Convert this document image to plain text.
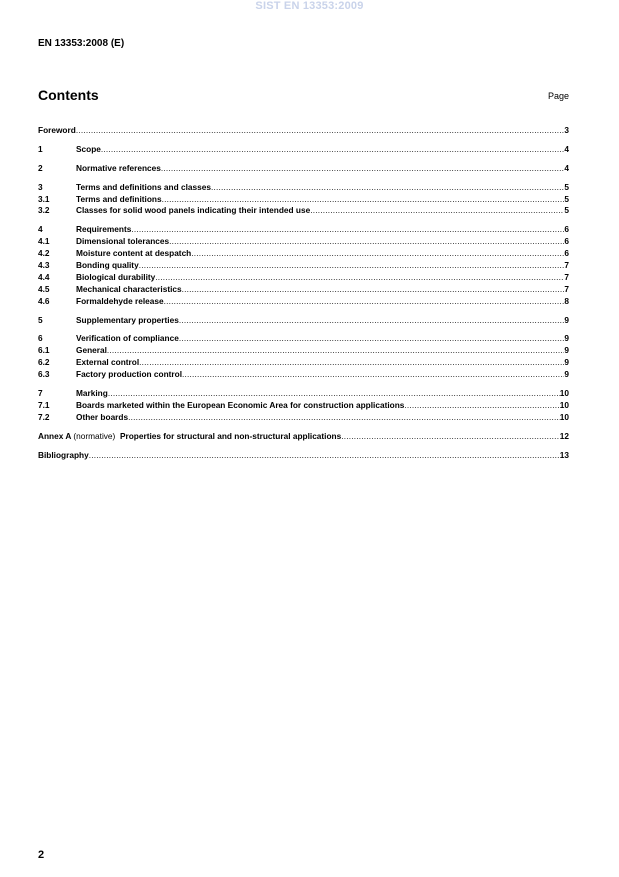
SIST EN 13353:2009
EN 13353:2008 (E)
Contents	Page
Foreword .....	3
1	Scope .....	4
2	Normative references .....	4
3	Terms and definitions and classes .....	5
3.1	Terms and definitions .....	5
3.2	Classes for solid wood panels indicating their intended use .....	5
4	Requirements .....	6
4.1	Dimensional tolerances .....	6
4.2	Moisture content at despatch .....	6
4.3	Bonding quality .....	7
4.4	Biological durability .....	7
4.5	Mechanical characteristics .....	7
4.6	Formaldehyde release .....	8
5	Supplementary properties .....	9
6	Verification of compliance .....	9
6.1	General .....	9
6.2	External control .....	9
6.3	Factory production control .....	9
7	Marking .....	10
7.1	Boards marketed within the European Economic Area for construction applications .....	10
7.2	Other boards .....	10
Annex A (normative) Properties for structural and non-structural applications .....	12
Bibliography .....	13
2
